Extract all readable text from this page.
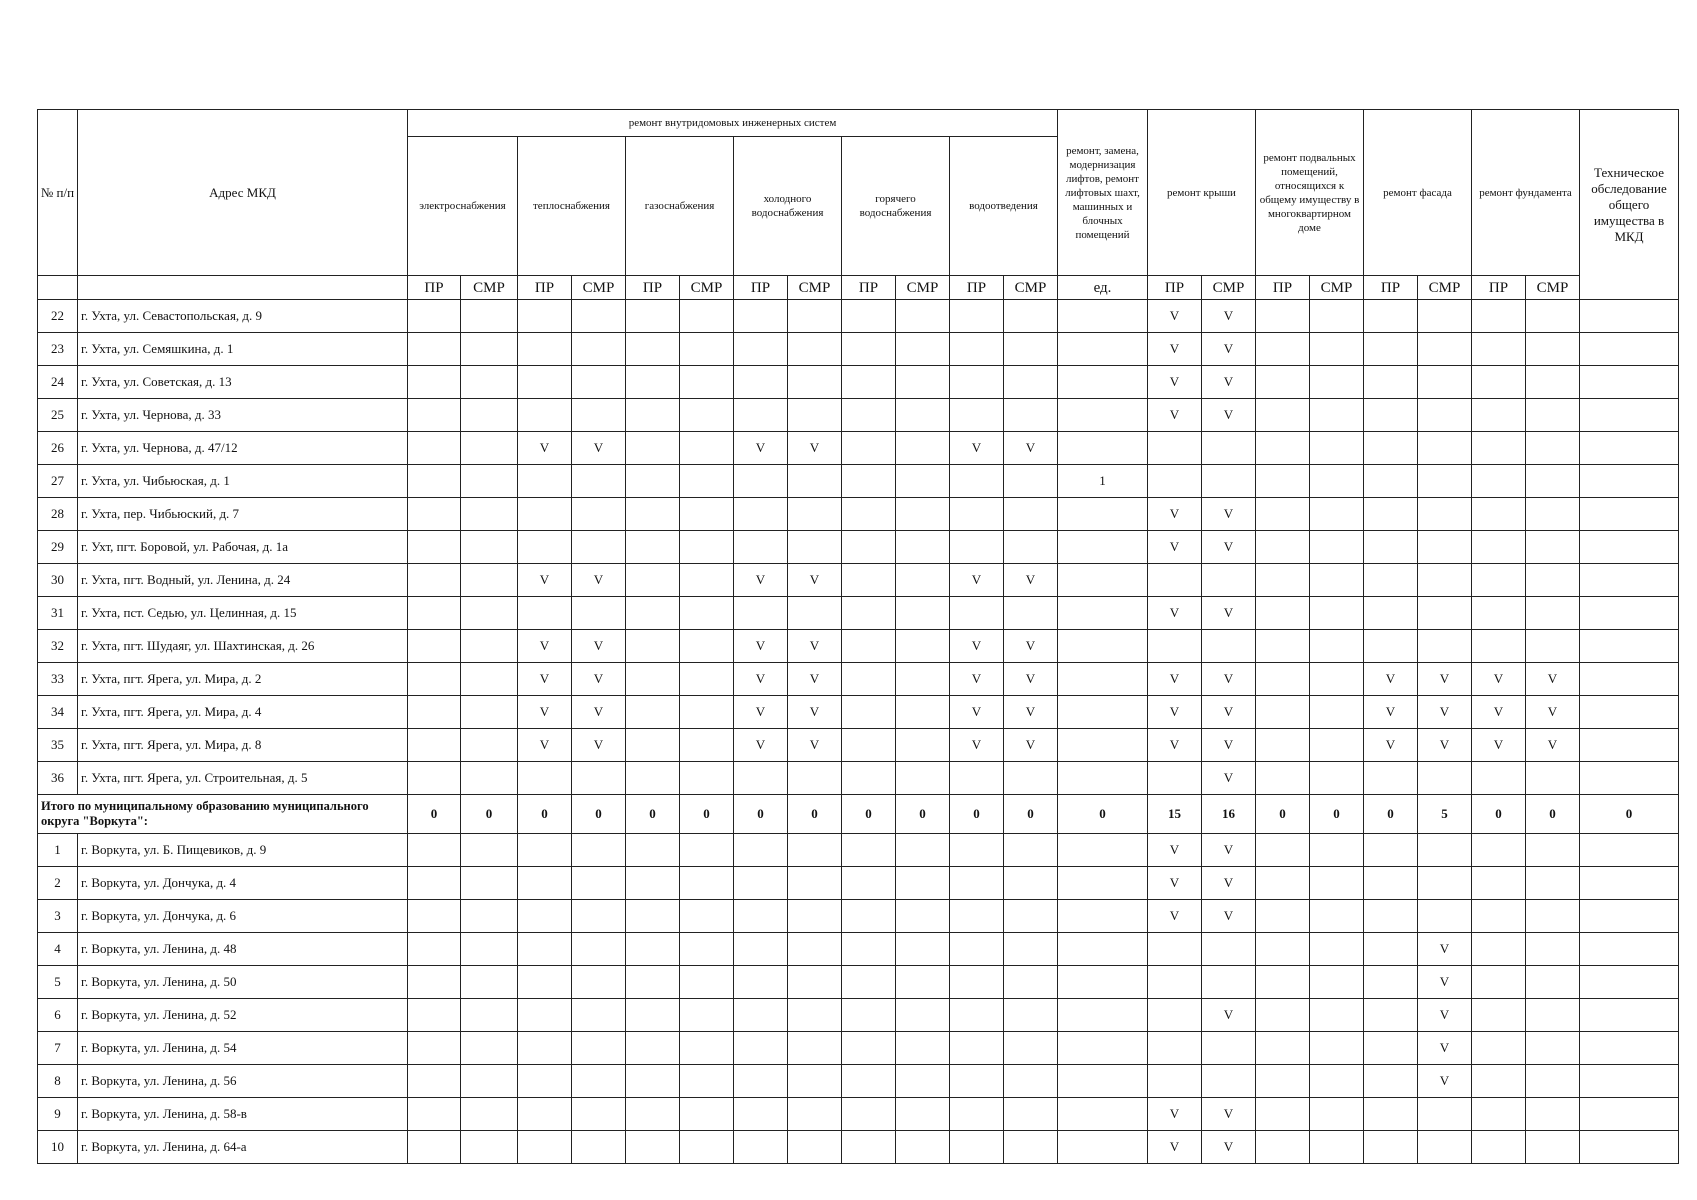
№ п/п	Адрес МКД	ремонт внутридомовых инженерных систем												ремонт, замена, модернизация лифтов, ремонт лифтовых шахт, машинных и блочных помещений	ремонт крыши		ремонт подвальных помещений, относящихся к общему имуществу в многоквартирном доме		ремонт фасада		ремонт фундамента		Техническое обследование общего имущества в МКД
		электроснабжения		теплоснабжения		газоснабжения		холодного водоснабжения		горячего водоснабжения		водоотведения											
		ПР	СМР	ПР	СМР	ПР	СМР	ПР	СМР	ПР	СМР	ПР	СМР	ед.	ПР	СМР	ПР	СМР	ПР	СМР	ПР	СМР	
22	г. Ухта, ул. Севастопольская, д. 9														V	V							
23	г. Ухта, ул. Семяшкина, д. 1														V	V							
24	г. Ухта, ул. Советская, д. 13														V	V							
25	г. Ухта, ул. Чернова, д. 33														V	V							
26	г. Ухта, ул. Чернова, д. 47/12			V	V			V	V			V	V										
27	г. Ухта, ул. Чибьюская, д. 1													1									
28	г. Ухта, пер. Чибьюский, д. 7														V	V							
29	г. Ухт, пгт. Боровой, ул. Рабочая, д. 1а														V	V							
30	г. Ухта, пгт. Водный, ул. Ленина, д. 24			V	V			V	V			V	V										
31	г. Ухта, пст. Седью, ул. Целинная, д. 15														V	V							
32	г. Ухта, пгт. Шудаяг, ул. Шахтинская, д. 26			V	V			V	V			V	V										
33	г. Ухта, пгт. Ярега, ул. Мира, д. 2			V	V			V	V			V	V		V	V			V	V	V	V	
34	г. Ухта, пгт. Ярега, ул. Мира, д. 4			V	V			V	V			V	V		V	V			V	V	V	V	
35	г. Ухта, пгт. Ярега, ул. Мира, д. 8			V	V			V	V			V	V		V	V			V	V	V	V	
36	г. Ухта, пгт. Ярега, ул. Строительная, д. 5															V							
Итого по муниципальному образованию муниципального округа "Воркута":		0	0	0	0	0	0	0	0	0	0	0	0	0	15	16	0	0	0	5	0	0	0
1	г. Воркута, ул. Б. Пищевиков, д. 9														V	V							
2	г. Воркута, ул. Дончука, д. 4														V	V							
3	г. Воркута, ул. Дончука, д. 6														V	V							
4	г. Воркута, ул. Ленина, д. 48																			V			
5	г. Воркута, ул. Ленина, д. 50																			V			
6	г. Воркута, ул. Ленина, д. 52															V				V			
7	г. Воркута, ул. Ленина, д. 54																			V			
8	г. Воркута, ул. Ленина, д. 56																			V			
9	г. Воркута, ул. Ленина, д. 58-в														V	V							
10	г. Воркута, ул. Ленина, д. 64-а														V	V							
